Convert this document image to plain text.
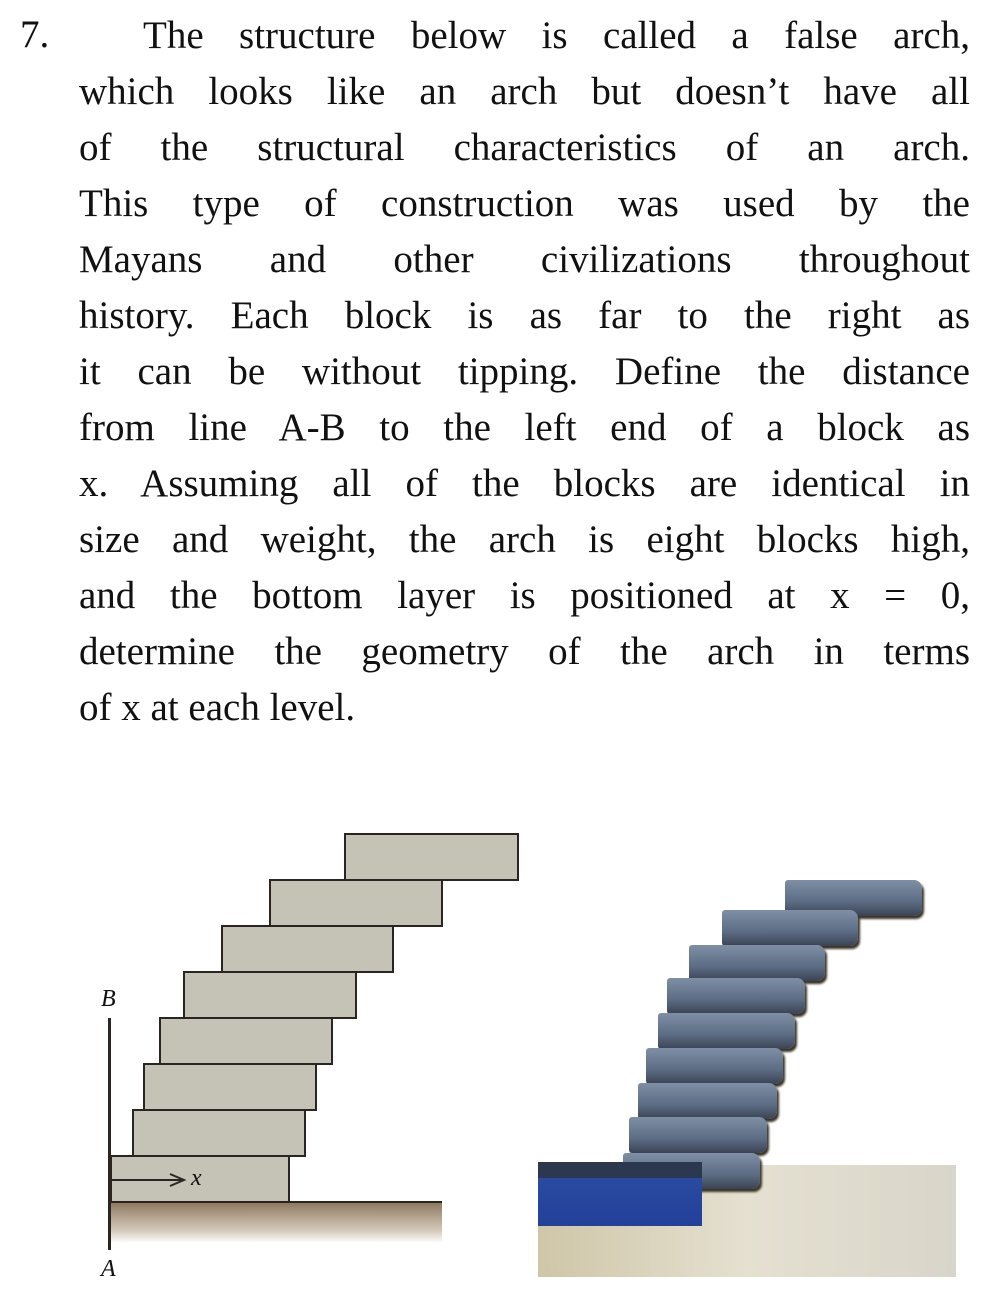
7. The structure below is called a false arch,
which looks like an arch but doesn’t have all
of the structural characteristics of an arch.
This type of construction was used by the
Mayans and other civilizations throughout
history. Each block is as far to the right as
it can be without tipping. Define the distance
from line A-B to the left end of a block as
x. Assuming all of the blocks are identical in
size and weight, the arch is eight blocks high,
and the bottom layer is positioned at x = 0,
determine the geometry of the arch in terms
of x at each level.
x
B
A
